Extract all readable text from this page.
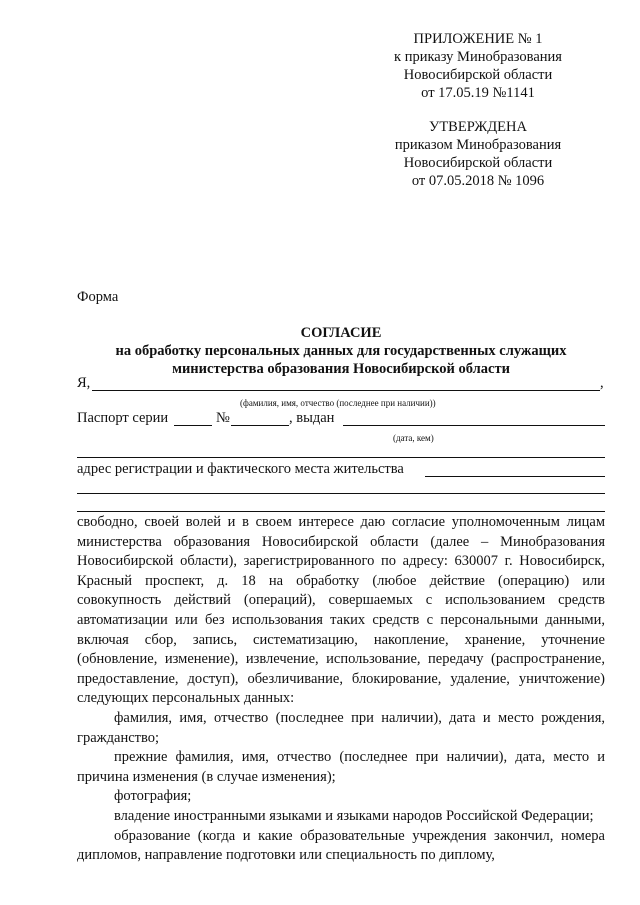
ПРИЛОЖЕНИЕ № 1
к приказу Минобразования
Новосибирской области
от 17.05.19 №1141
УТВЕРЖДЕНА
приказом Минобразования
Новосибирской области
от 07.05.2018 № 1096
Форма
СОГЛАСИЕ
на обработку персональных данных для государственных служащих
министерства образования Новосибирской области
Я,	,
(фамилия, имя, отчество (последнее при наличии))
Паспорт серии	№	, выдан
(дата, кем)
адрес регистрации и фактического места жительства

свободно, своей волей и в своем интересе даю согласие уполномоченным лицам министерства образования Новосибирской области (далее – Минобразования Новосибирской области), зарегистрированного по адресу: 630007 г. Новосибирск, Красный проспект, д. 18 на обработку (любое действие (операцию) или совокупность действий (операций), совершаемых с использованием средств автоматизации или без использования таких средств с персональными данными, включая сбор, запись, систематизацию, накопление, хранение, уточнение (обновление, изменение), извлечение, использование, передачу (распространение, предоставление, доступ), обезличивание, блокирование, удаление, уничтожение) следующих персональных данных:

фамилия, имя, отчество (последнее при наличии), дата и место рождения, гражданство;

прежние фамилия, имя, отчество (последнее при наличии), дата, место и причина изменения (в случае изменения);

фотография;

владение иностранными языками и языками народов Российской Федерации;

образование (когда и какие образовательные учреждения закончил, номера дипломов, направление подготовки или специальность по диплому,
